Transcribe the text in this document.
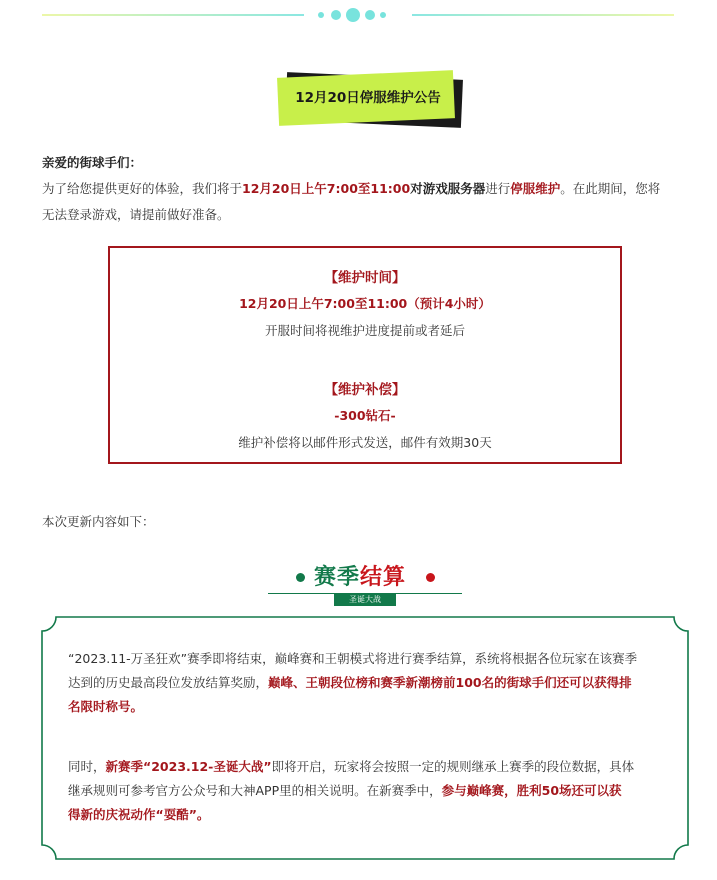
12月20日停服维护公告
亲爱的街球手们：
为了给您提供更好的体验，我们将于12月20日上午7:00至11:00对游戏服务器进行停服维护。在此期间，您将
无法登录游戏，请提前做好准备。
【维护时间】
12月20日上午7:00至11:00（预计4小时）
开服时间将视维护进度提前或者延后
【维护补偿】
-300钻石-
维护补偿将以邮件形式发送，邮件有效期30天
本次更新内容如下：
赛季结算
圣诞大战
“2023.11-万圣狂欢”赛季即将结束，巅峰赛和王朝模式将进行赛季结算，系统将根据各位玩家在该赛季
达到的历史最高段位发放结算奖励，巅峰、王朝段位榜和赛季新潮榜前100名的街球手们还可以获得排
名限时称号。
同时，新赛季“2023.12-圣诞大战”即将开启，玩家将会按照一定的规则继承上赛季的段位数据，具体
继承规则可参考官方公众号和大神APP里的相关说明。在新赛季中，参与巅峰赛，胜利50场还可以获
得新的庆祝动作“耍酷”。
